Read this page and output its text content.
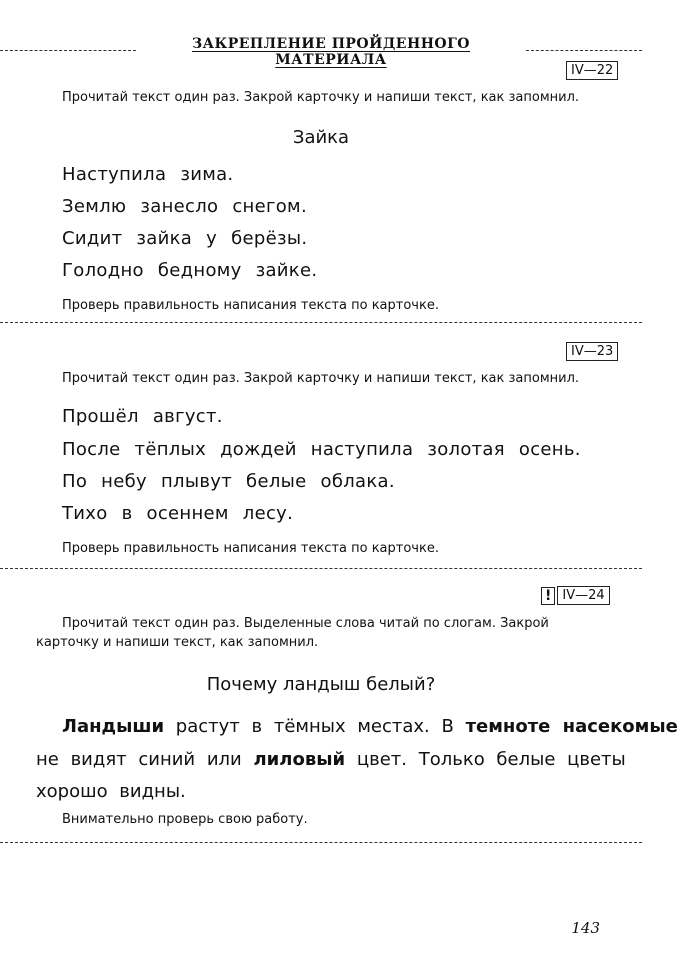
ЗАКРЕПЛЕНИЕ ПРОЙДЕННОГО МАТЕРИАЛА
IV—22
Прочитай текст один раз. Закрой карточку и напиши текст, как запомнил.
Зайка
Наступила зима.
Землю занесло снегом.
Сидит зайка у берёзы.
Голодно бедному зайке.
Проверь правильность написания текста по карточке.
IV—23
Прочитай текст один раз. Закрой карточку и напиши текст, как запомнил.
Прошёл август.
После тёплых дождей наступила золотая осень.
По небу плывут белые облака.
Тихо в осеннем лесу.
Проверь правильность написания текста по карточке.
! IV—24
Прочитай текст один раз. Выделенные слова читай по слогам. Закрой
карточку и напиши текст, как запомнил.
Почему ландыш белый?
Ландыши растут в тёмных местах. В темноте насекомые
не видят синий или лиловый цвет. Только белые цветы
хорошо видны.
Внимательно проверь свою работу.
143
